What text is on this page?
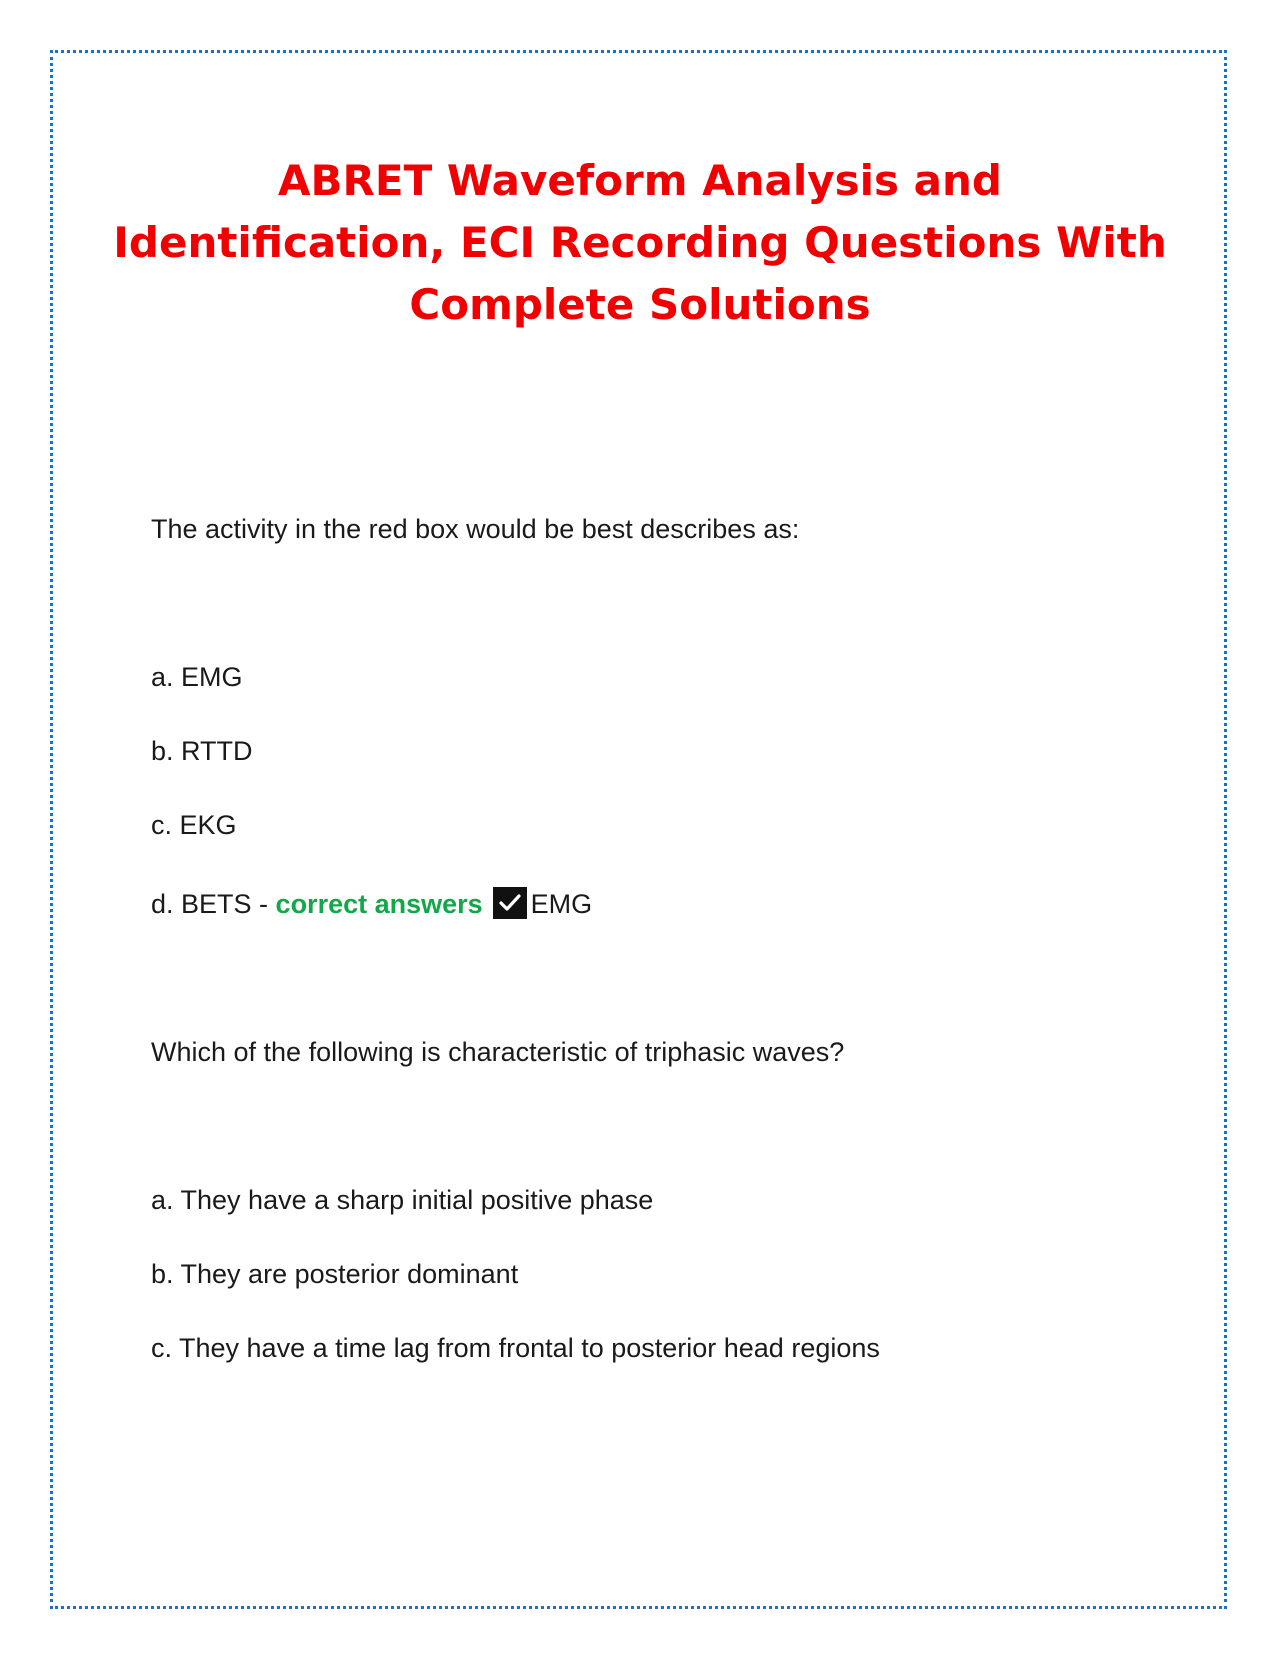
ABRET Waveform Analysis and
Identification, ECI Recording Questions With
Complete Solutions

The activity in the red box would be best describes as:

a. EMG

b. RTTD

c. EKG

d. BETS - correct answers EMG

Which of the following is characteristic of triphasic waves?

a. They have a sharp initial positive phase

b. They are posterior dominant

c. They have a time lag from frontal to posterior head regions
